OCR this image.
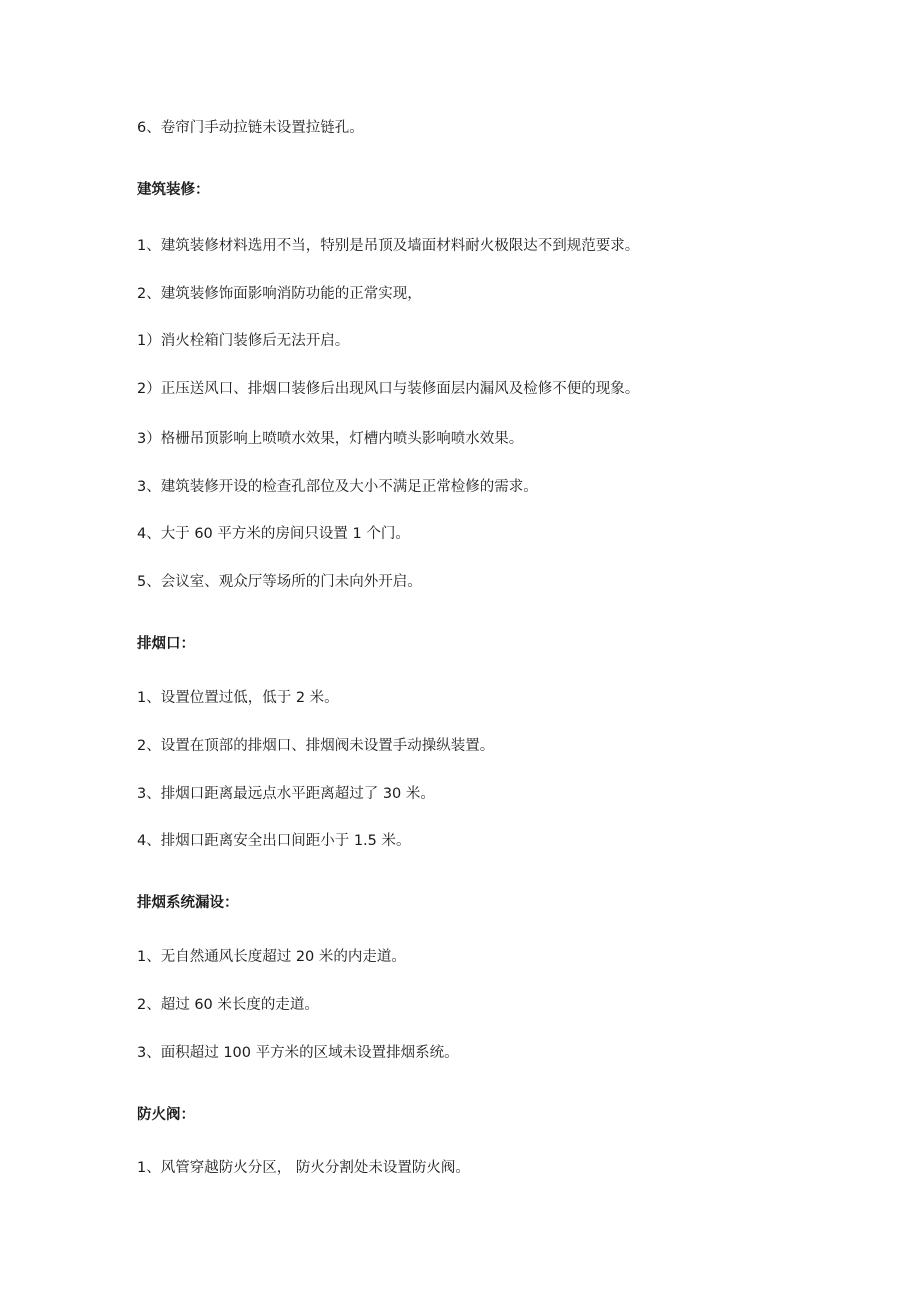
6、卷帘门手动拉链未设置拉链孔。
建筑装修：
1、建筑装修材料选用不当，特别是吊顶及墙面材料耐火极限达不到规范要求。
2、建筑装修饰面影响消防功能的正常实现，
1）消火栓箱门装修后无法开启。
2）正压送风口、排烟口装修后出现风口与装修面层内漏风及检修不便的现象。
3）格栅吊顶影响上喷喷水效果，灯槽内喷头影响喷水效果。
3、建筑装修开设的检查孔部位及大小不满足正常检修的需求。
4、大于 60 平方米的房间只设置 1 个门。
5、会议室、观众厅等场所的门未向外开启。
排烟口：
1、设置位置过低，低于 2 米。
2、设置在顶部的排烟口、排烟阀未设置手动操纵装置。
3、排烟口距离最远点水平距离超过了 30 米。
4、排烟口距离安全出口间距小于 1.5 米。
排烟系统漏设：
1、无自然通风长度超过 20 米的内走道。
2、超过 60 米长度的走道。
3、面积超过 100 平方米的区域未设置排烟系统。
防火阀：
1、风管穿越防火分区， 防火分割处未设置防火阀。
